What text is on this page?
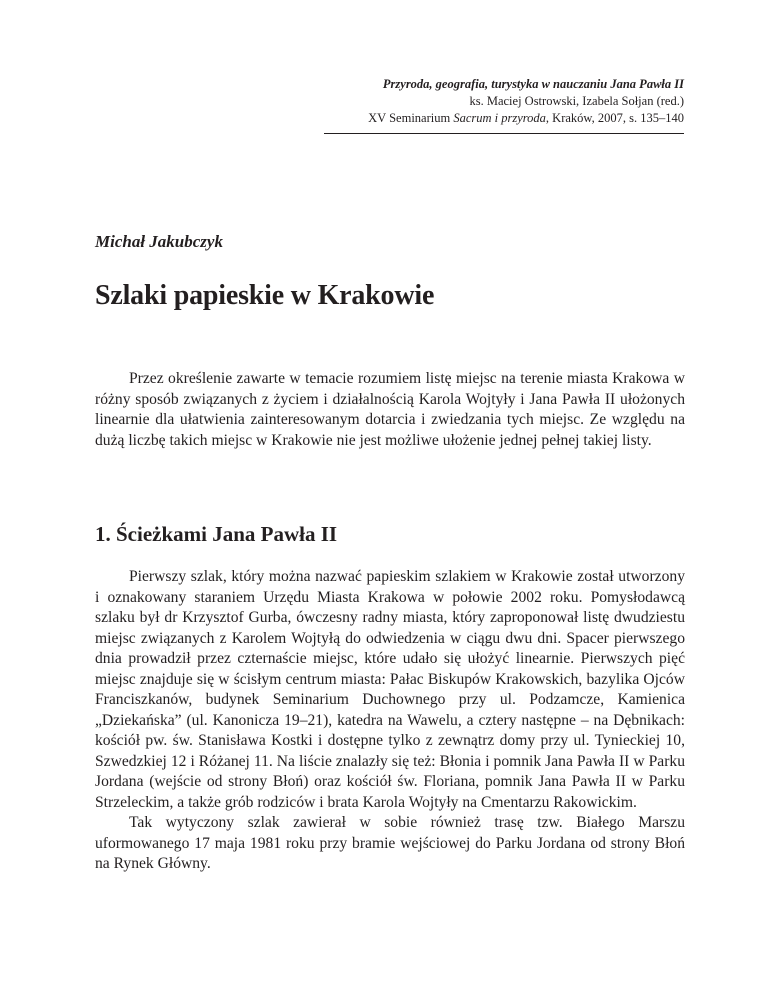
Przyroda, geografia, turystyka w nauczaniu Jana Pawła II
ks. Maciej Ostrowski, Izabela Sołjan (red.)
XV Seminarium Sacrum i przyroda, Kraków, 2007, s. 135–140
Michał Jakubczyk
Szlaki papieskie w Krakowie

Przez określenie zawarte w temacie rozumiem listę miejsc na terenie miasta Krakowa w różny sposób związanych z życiem i działalnością Karola Wojtyły i Jana Pawła II ułożonych linearnie dla ułatwienia zainteresowanym dotarcia i zwiedzania tych miejsc. Ze względu na dużą liczbę takich miejsc w Krakowie nie jest możliwe ułożenie jednej pełnej takiej listy.

1. Ścieżkami Jana Pawła II

Pierwszy szlak, który można nazwać papieskim szlakiem w Krakowie został utworzony i oznakowany staraniem Urzędu Miasta Krakowa w połowie 2002 roku. Pomysłodawcą szlaku był dr Krzysztof Gurba, ówczesny radny miasta, który zaproponował listę dwudziestu miejsc związanych z Karolem Wojtyłą do odwiedzenia w ciągu dwu dni. Spacer pierwszego dnia prowadził przez czternaście miejsc, które udało się ułożyć linearnie. Pierwszych pięć miejsc znajduje się w ścisłym centrum miasta: Pałac Biskupów Krakowskich, bazylika Ojców Franciszkanów, budynek Seminarium Duchownego przy ul. Podzamcze, Kamienica „Dziekańska” (ul. Kanonicza 19–21), katedra na Wawelu, a cztery następne – na Dębnikach: kościół pw. św. Stanisława Kostki i dostępne tylko z zewnątrz domy przy ul. Tynieckiej 10, Szwedzkiej 12 i Różanej 11. Na liście znalazły się też: Błonia i pomnik Jana Pawła II w Parku Jordana (wejście od strony Błoń) oraz kościół św. Floriana, pomnik Jana Pawła II w Parku Strzeleckim, a także grób rodziców i brata Karola Wojtyły na Cmentarzu Rakowickim.

Tak wytyczony szlak zawierał w sobie również trasę tzw. Białego Marszu uformowanego 17 maja 1981 roku przy bramie wejściowej do Parku Jordana od strony Błoń na Rynek Główny.
